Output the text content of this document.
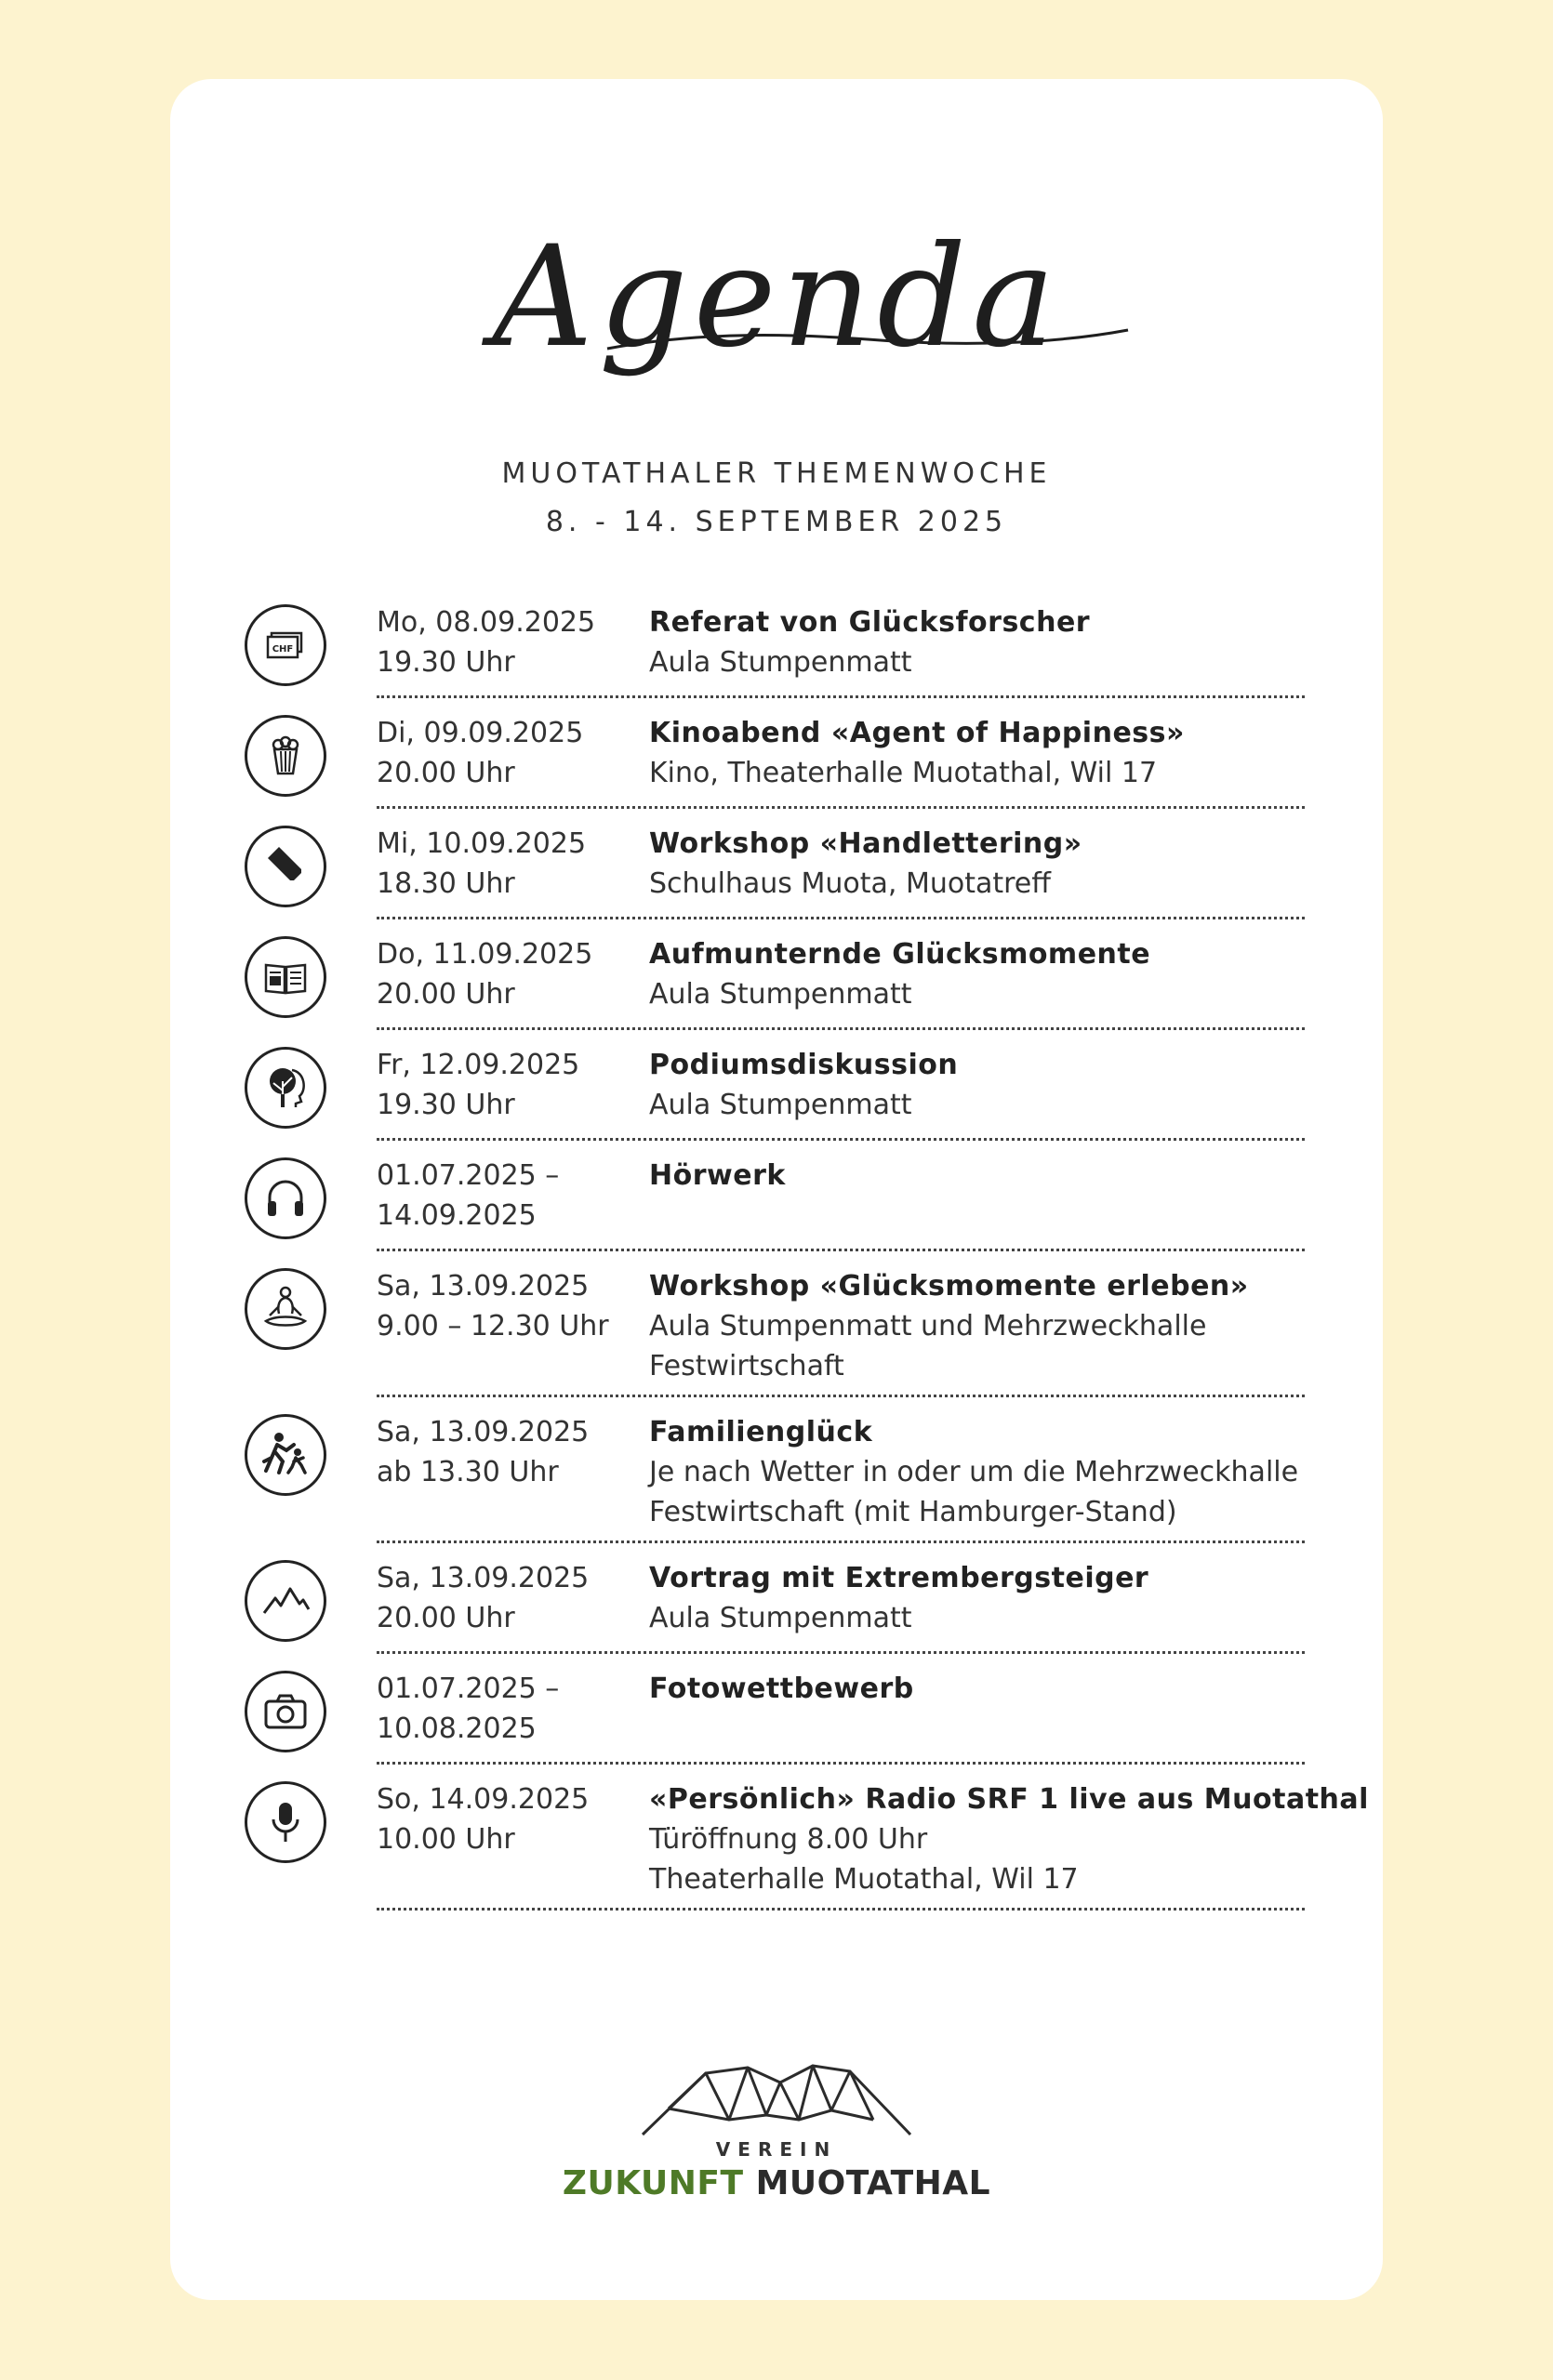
Agenda
MUOTATHALER THEMENWOCHE
8. - 14. SEPTEMBER 2025
CHF
Mo, 08.09.2025
19.30 Uhr
Referat von Glücksforscher
Aula Stumpenmatt
Di, 09.09.2025
20.00 Uhr
Kinoabend «Agent of Happiness»
Kino, Theaterhalle Muotathal, Wil 17
Mi, 10.09.2025
18.30 Uhr
Workshop «Handlettering»
Schulhaus Muota, Muotatreff
Do, 11.09.2025
20.00 Uhr
Aufmunternde Glücksmomente
Aula Stumpenmatt
Fr, 12.09.2025
19.30 Uhr
Podiumsdiskussion
Aula Stumpenmatt
01.07.2025 –
14.09.2025
Hörwerk
Sa, 13.09.2025
9.00 – 12.30 Uhr
Workshop «Glücksmomente erleben»
Aula Stumpenmatt und Mehrzweckhalle
Festwirtschaft
Sa, 13.09.2025
ab 13.30 Uhr
Familienglück
Je nach Wetter in oder um die Mehrzweckhalle
Festwirtschaft (mit Hamburger-Stand)
Sa, 13.09.2025
20.00 Uhr
Vortrag mit Extrembergsteiger
Aula Stumpenmatt
01.07.2025 –
10.08.2025
Fotowettbewerb
So, 14.09.2025
10.00 Uhr
«Persönlich» Radio SRF 1 live aus Muotathal
Türöffnung 8.00 Uhr
Theaterhalle Muotathal, Wil 17
VEREIN
ZUKUNFT MUOTATHAL
